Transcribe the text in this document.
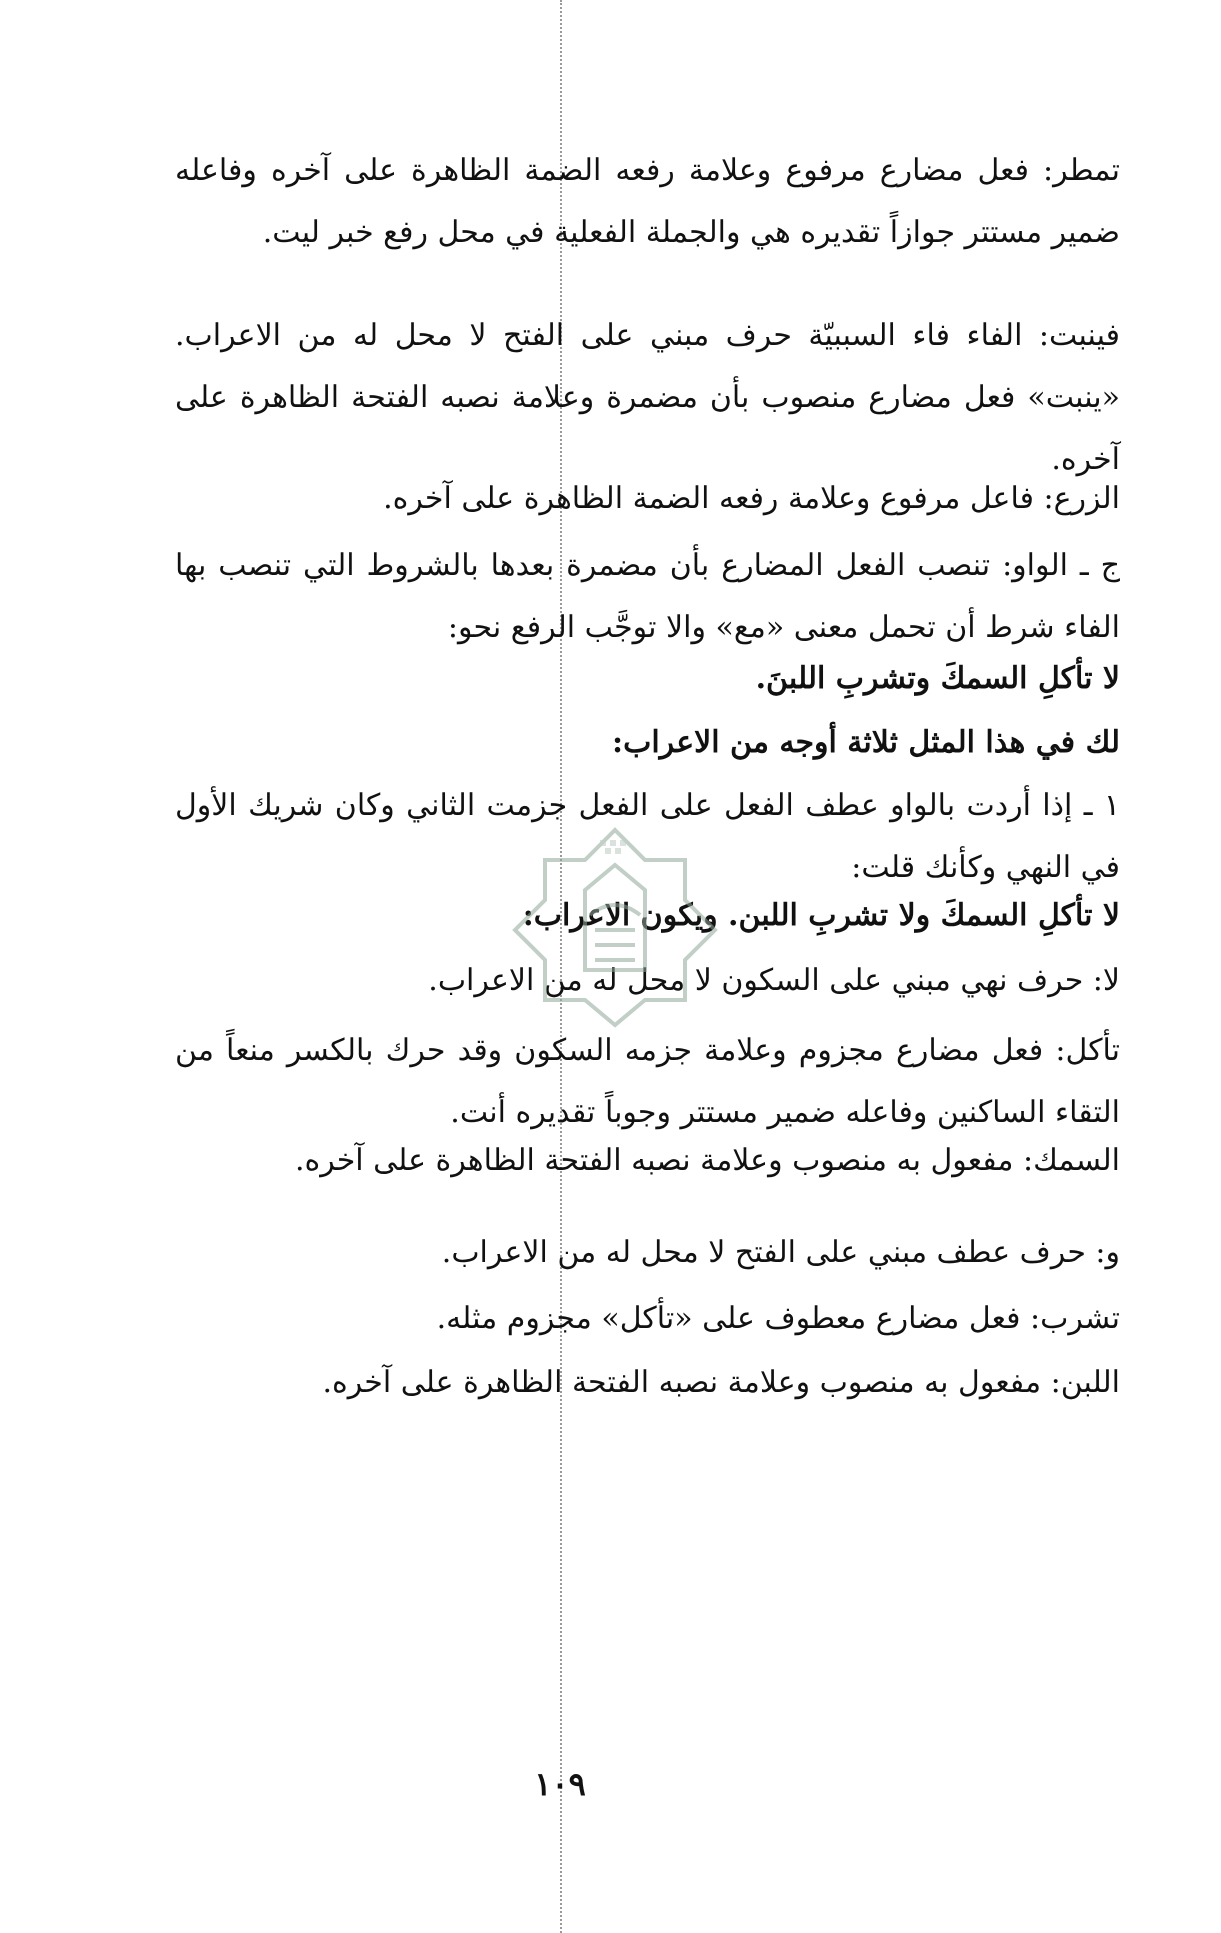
تمطر: فعل مضارع مرفوع وعلامة رفعه الضمة الظاهرة على آخره وفاعله ضمير مستتر جوازاً تقديره هي والجملة الفعلية في محل رفع خبر ليت.

فينبت: الفاء فاء السببيّة حرف مبني على الفتح لا محل له من الاعراب. «ينبت» فعل مضارع منصوب بأن مضمرة وعلامة نصبه الفتحة الظاهرة على آخره.

الزرع: فاعل مرفوع وعلامة رفعه الضمة الظاهرة على آخره.

ج ـ الواو: تنصب الفعل المضارع بأن مضمرة بعدها بالشروط التي تنصب بها الفاء شرط أن تحمل معنى «مع» والا توجَّب الرفع نحو:

لا تأكلِ السمكَ وتشربِ اللبنَ.

لك في هذا المثل ثلاثة أوجه من الاعراب:

١ ـ إذا أردت بالواو عطف الفعل على الفعل جزمت الثاني وكان شريك الأول في النهي وكأنك قلت:

لا تأكلِ السمكَ ولا تشربِ اللبن. ويكون الاعراب:

لا: حرف نهي مبني على السكون لا محل له من الاعراب.

تأكل: فعل مضارع مجزوم وعلامة جزمه السكون وقد حرك بالكسر منعاً من التقاء الساكنين وفاعله ضمير مستتر وجوباً تقديره أنت.

السمك: مفعول به منصوب وعلامة نصبه الفتحة الظاهرة على آخره.

و: حرف عطف مبني على الفتح لا محل له من الاعراب.

تشرب: فعل مضارع معطوف على «تأكل» مجزوم مثله.

اللبن: مفعول به منصوب وعلامة نصبه الفتحة الظاهرة على آخره.

١٠٩
